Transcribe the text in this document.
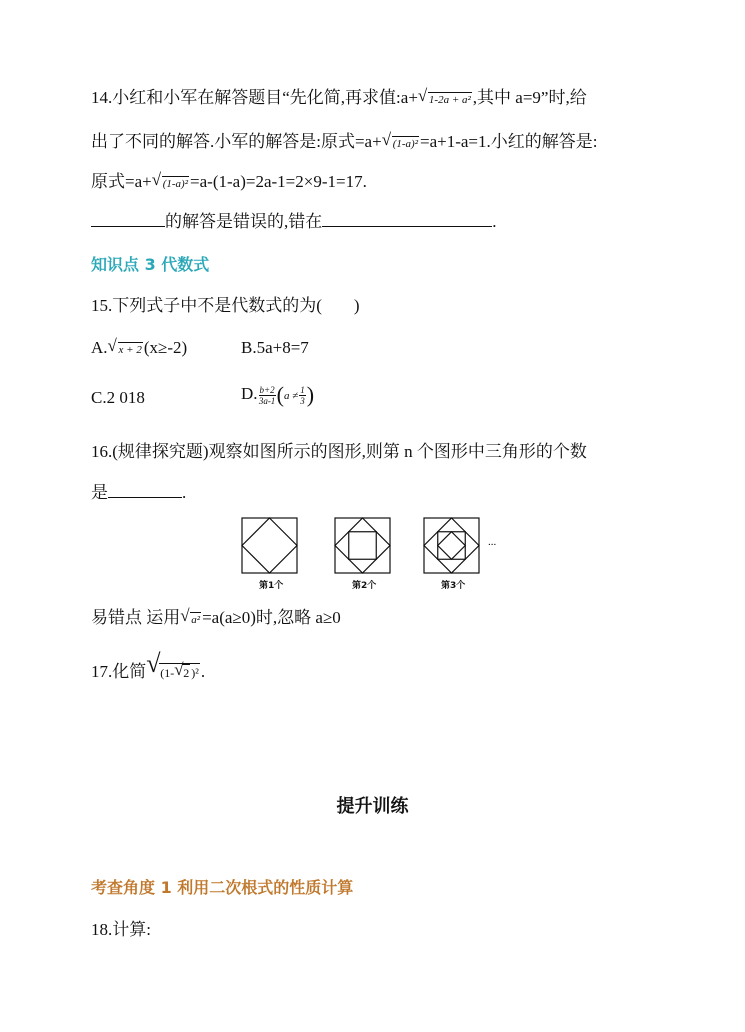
14.小红和小军在解答题目“先化简,再求值:a+ √ 1-2a + a² ,其中 a=9”时,给
出了不同的解答.小军的解答是:原式=a+ √ (1-a)² =a+1-a=1.小红的解答是:
原式=a+ √ (1-a)² =a-(1-a)=2a-1=2×9-1=17.
的解答是错误的,错在	.
知识点 3 代数式
15.下列式子中不是代数式的为( )
A. √ x + 2 (x≥-2)	B.5a+8=7
C.2 018	D. $\frac{b+2}{3a-1} (a \ne \frac{1}{3}$ )
16.(规律探究题)观察如图所示的图形,则第 n 个图形中三角形的个数
是	.
第1个	第2个	第3个
...
易错点 运用 √ a² =a(a≥0)时,忽略 a≥0
17.化简 √ (1- √ 2 )² .
提升训练
考查角度 1 利用二次根式的性质计算
18.计算:
